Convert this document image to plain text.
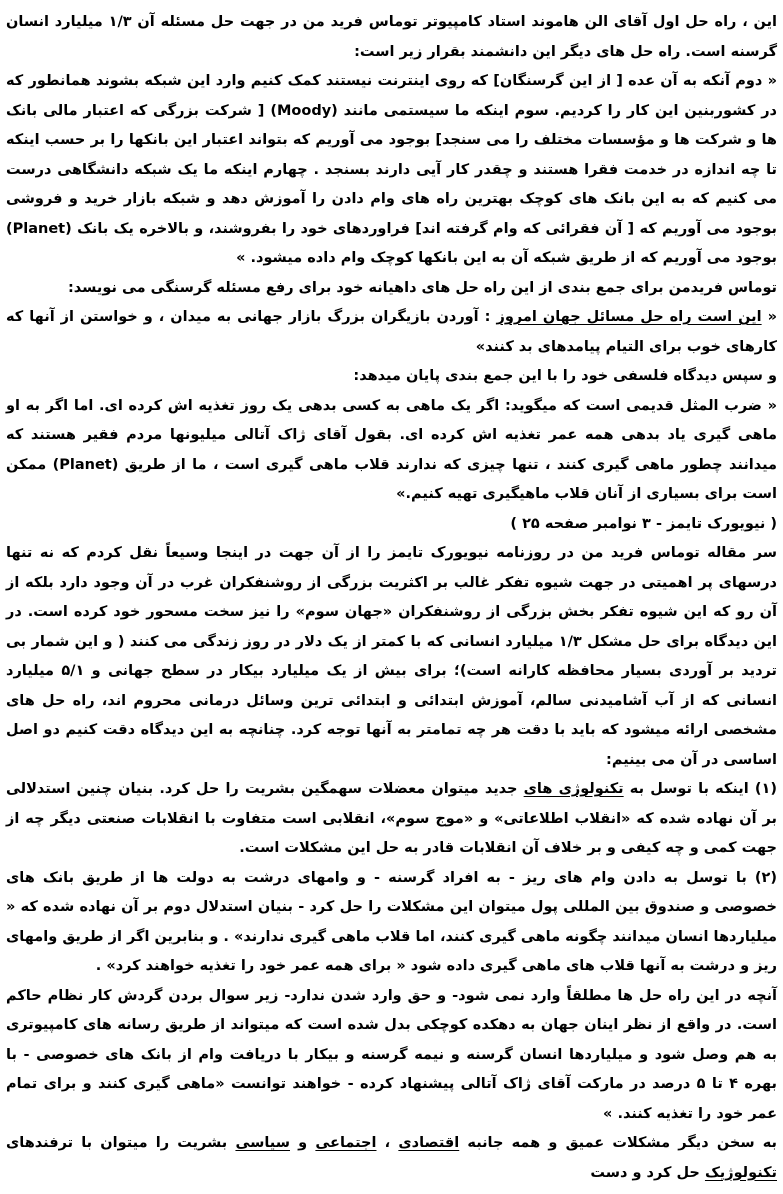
این ، راه حل اول آقای الن هاموند استاد کامپیوتر توماس فرید من در جهت حل مسئله آن ۱/۳ میلیارد انسان گرسنه است. راه حل های دیگر این دانشمند بقرار زیر است:

« دوم آنکه به آن عده [ از این گرسنگان] که روی اینترنت نیستند کمک کنیم وارد این شبکه بشوند همانطور که در کشوربنین این کار را کردیم. سوم اینکه ما سیستمی مانند (Moody) [ شرکت بزرگی که اعتبار مالی بانک ها و شرکت ها و مؤسسات مختلف را می سنجد] بوجود می آوریم که بتواند اعتبار این بانکها را بر حسب اینکه تا چه اندازه در خدمت فقرا هستند و چقدر کار آیی دارند بسنجد . چهارم اینکه ما یک شبکه دانشگاهی درست می کنیم که به این بانک های کوچک بهترین راه های وام دادن را آموزش دهد و شبکه بازار خرید و فروشی بوجود می آوریم که [ آن فقرائی که وام گرفته اند] فراوردهای خود را بفروشند، و بالاخره یک بانک (Planet) بوجود می آوریم که از طریق شبکه آن به این بانکها کوچک وام داده میشود. »

توماس فریدمن برای جمع بندی از این راه حل های داهیانه خود برای رفع مسئله گرسنگی می نویسد:

« این است راه حل مسائل جهان امروز : آوردن بازیگران بزرگ بازار جهانی به میدان ، و خواستن از آنها که کارهای خوب برای التیام پیامدهای بد کنند»

و سپس دیدگاه فلسفی خود را با این جمع بندی پایان میدهد:

« ضرب المثل قدیمی است که میگوید: اگر یک ماهی به کسی بدهی یک روز تغذیه اش کرده ای. اما اگر به او ماهی گیری یاد بدهی همه عمر تغذیه اش کرده ای. بقول آقای ژاک آتالی میلیونها مردم فقیر هستند که میدانند چطور ماهی گیری کنند ، تنها چیزی که ندارند قلاب ماهی گیری است ، ما از طریق (Planet) ممکن است برای بسیاری از آنان قلاب ماهیگیری تهیه کنیم.»

( نیویورک تایمز - ۳ نوامبر صفحه ۲۵ )

سر مقاله توماس فرید من در روزنامه نیویورک تایمز را از آن جهت در اینجا وسیعاً نقل کردم که نه تنها درسهای پر اهمیتی در جهت شیوه تفکر غالب بر اکثریت بزرگی از روشنفکران غرب در آن وجود دارد بلکه از آن رو که این شیوه تفکر بخش بزرگی از روشنفکران «جهان سوم» را نیز سخت مسحور خود کرده است. در این دیدگاه برای حل مشکل ۱/۳ میلیارد انسانی که با کمتر از یک دلار در روز زندگی می کنند ( و این شمار بی تردید بر آوردی بسیار محافظه کارانه است)؛ برای بیش از یک میلیارد بیکار در سطح جهانی و ۵/۱ میلیارد انسانی که از آب آشامیدنی سالم، آموزش ابتدائی و ابتدائی ترین وسائل درمانی محروم اند، راه حل های مشخصی ارائه میشود که باید با دقت هر چه تمامتر به آنها توجه کرد. چنانچه به این دیدگاه دقت کنیم دو اصل اساسی در آن می بینیم:

(۱) اینکه با توسل به تکنولوژی های جدید میتوان معضلات سهمگین بشریت را حل کرد. بنیان چنین استدلالی بر آن نهاده شده که «انقلاب اطلاعاتی» و «موج سوم»، انقلابی است متفاوت با انقلابات صنعتی دیگر چه از جهت کمی و چه کیفی و بر خلاف آن انقلابات قادر به حل این مشکلات است.

(۲) با توسل به دادن وام های ریز - به افراد گرسنه - و وامهای درشت به دولت ها از طریق بانک های خصوصی و صندوق بین المللی پول میتوان این مشکلات را حل کرد - بنیان استدلال دوم بر آن نهاده شده که « میلیاردها انسان میدانند چگونه ماهی گیری کنند، اما قلاب ماهی گیری ندارند» . و بنابرین اگر از طریق وامهای ریز و درشت به آنها قلاب های ماهی گیری داده شود « برای همه عمر خود را تغذیه خواهند کرد» .

آنچه در این راه حل ها مطلقاً وارد نمی شود- و حق وارد شدن ندارد- زیر سوال بردن گردش کار نظام حاکم است. در واقع از نظر اینان جهان به دهکده کوچکی بدل شده است که میتواند از طریق رسانه های کامپیوتری به هم وصل شود و میلیاردها انسان گرسنه و نیمه گرسنه و بیکار با دریافت وام از بانک های خصوصی - با بهره ۴ تا ۵ درصد در مارکت آقای ژاک آتالی پیشنهاد کرده - خواهند توانست «ماهی گیری کنند و برای تمام عمر خود را تغذیه کنند. »

به سخن دیگر مشکلات عمیق و همه جانبه اقتصادی ، اجتماعی و سیاسی بشریت را میتوان با ترفندهای تکنولوژیک حل کرد و دست
